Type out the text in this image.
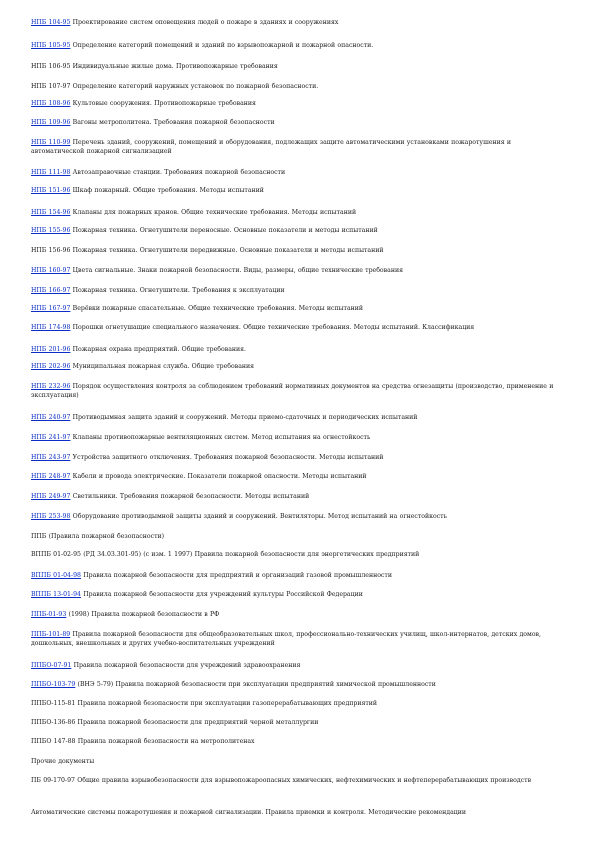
НПБ 104-95 Проектирование систем оповещения людей о пожаре в зданиях и сооружениях
НПБ 105-95 Определение категорий помещений и зданий по взрывопожарной и пожарной опасности.
НПБ 106-95 Индивидуальные жилые дома. Противопожарные требования
НПБ 107-97 Определение категорий наружных установок по пожарной безопасности.
НПБ 108-96 Культовые сооружения. Противопожарные требования
НПБ 109-96 Вагоны метрополитена. Требования пожарной безопасности
НПБ 110-99 Перечень зданий, сооружений, помещений и оборудования, подлежащих защите автоматическими установками пожаротушения и автоматической пожарной сигнализацией
НПБ 111-98 Автозаправочные станции. Требования пожарной безопасности
НПБ 151-96 Шкаф пожарный. Общие требования. Методы испытаний
НПБ 154-96 Клапаны для пожарных кранов. Общие технические требования. Методы испытаний
НПБ 155-96 Пожарная техника. Огнетушители переносные. Основные показатели и методы испытаний
НПБ 156-96 Пожарная техника. Огнетушители передвижные. Основные показатели и методы испытаний
НПБ 160-97 Цвета сигнальные. Знаки пожарной безопасности. Виды, размеры, общие технические требования
НПБ 166-97 Пожарная техника. Огнетушители. Требования к эксплуатации
НПБ 167-97 Верёвки пожарные спасательные. Общие технические требования. Методы испытаний
НПБ 174-98 Порошки огнетушащие специального назначения. Общие технические требования. Методы испытаний. Классификация
НПБ 201-96 Пожарная охрана предприятий. Общие требования.
НПБ 202-96 Муниципальная пожарная служба. Общие требования
НПБ 232-96 Порядок осуществления контроля за соблюдением требований нормативных документов на средства огнезащиты (производство, применение и эксплуатация)
НПБ 240-97 Противодымная защита зданий и сооружений. Методы приемо-сдаточных и периодических испытаний
НПБ 241-97 Клапаны противопожарные вентиляционных систем. Метод испытания на огнестойкость
НПБ 243-97 Устройства защитного отключения. Требования пожарной безопасности. Методы испытаний
НПБ 248-97 Кабели и провода электрические. Показатели пожарной опасности. Методы испытаний
НПБ 249-97 Светильники. Требования пожарной безопасности. Методы испытаний
НПБ 253-98 Оборудование противодымной защиты зданий и сооружений. Вентиляторы. Метод испытаний на огнестойкость
ППБ (Правила пожарной безопасности)
ВППБ 01-02-95 (РД 34.03.301-95) (с изм. 1 1997) Правила пожарной безопасности для энергетических предприятий
ВППБ 01-04-98 Правила пожарной безопасности для предприятий и организаций газовой промышленности
ВППБ 13-01-94 Правила пожарной безопасности для учреждений культуры Российской Федерации
ППБ-01-93 (1998) Правила пожарной безопасности в РФ
ППБ-101-89 Правила пожарной безопасности для общеобразовательных школ, профессионально-технических училищ, школ-интернатов, детских домов, дошкольных, внешкольных и других учебно-воспитательных учреждений
ППБО-07-91 Правила пожарной безопасности для учреждений здравоохранения
ППБО-103-79 (ВНЭ 5-79) Правила пожарной безопасности при эксплуатации предприятий химической промышленности
ППБО-115-81 Правила пожарной безопасности при эксплуатации газоперерабатывающих предприятий
ППБО-136-86 Правила пожарной безопасности для предприятий черной металлургии
ППБО 147-88 Правила пожарной безопасности на метрополитенах
Прочие документы
ПБ 09-170-97 Общие правила взрывобезопасности для взрывопожароопасных химических, нефтехимических и нефтеперерабатывающих производств
Автоматические системы пожаротушения и пожарной сигнализации. Правила приемки и контроля. Методические рекомендации
